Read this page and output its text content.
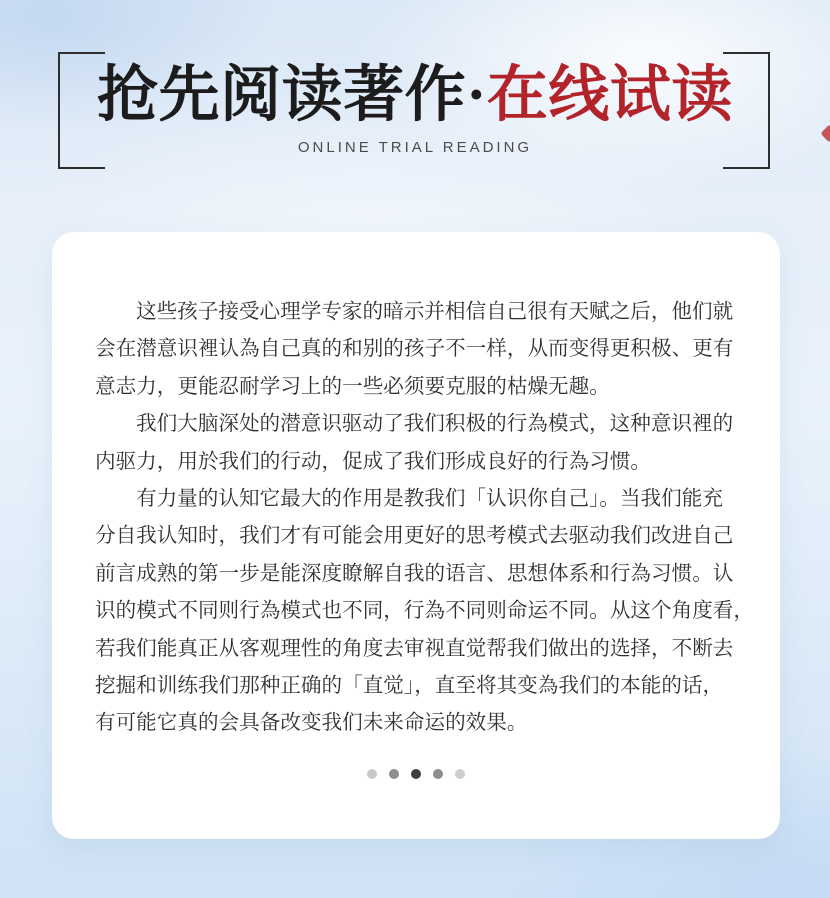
抢先阅读著作·在线试读
ONLINE TRIAL READING

这些孩子接受心理学专家的暗示并相信自己很有天赋之后，他们就
会在潜意识裡认為自己真的和别的孩子不一样，从而变得更积极、更有
意志力，更能忍耐学习上的一些必须要克服的枯燥无趣。

我们大脑深处的潜意识驱动了我们积极的行為模式，这种意识裡的
内驱力，用於我们的行动，促成了我们形成良好的行為习惯。

有力量的认知它最大的作用是教我们「认识你自己」。当我们能充
分自我认知时，我们才有可能会用更好的思考模式去驱动我们改进自己
前言成熟的第一步是能深度瞭解自我的语言、思想体系和行為习惯。认
识的模式不同则行為模式也不同，行為不同则命运不同。从这个角度看，
若我们能真正从客观理性的角度去审视直觉帮我们做出的选择，不断去
挖掘和训练我们那种正确的「直觉」，直至将其变為我们的本能的话，
有可能它真的会具备改变我们未来命运的效果。
